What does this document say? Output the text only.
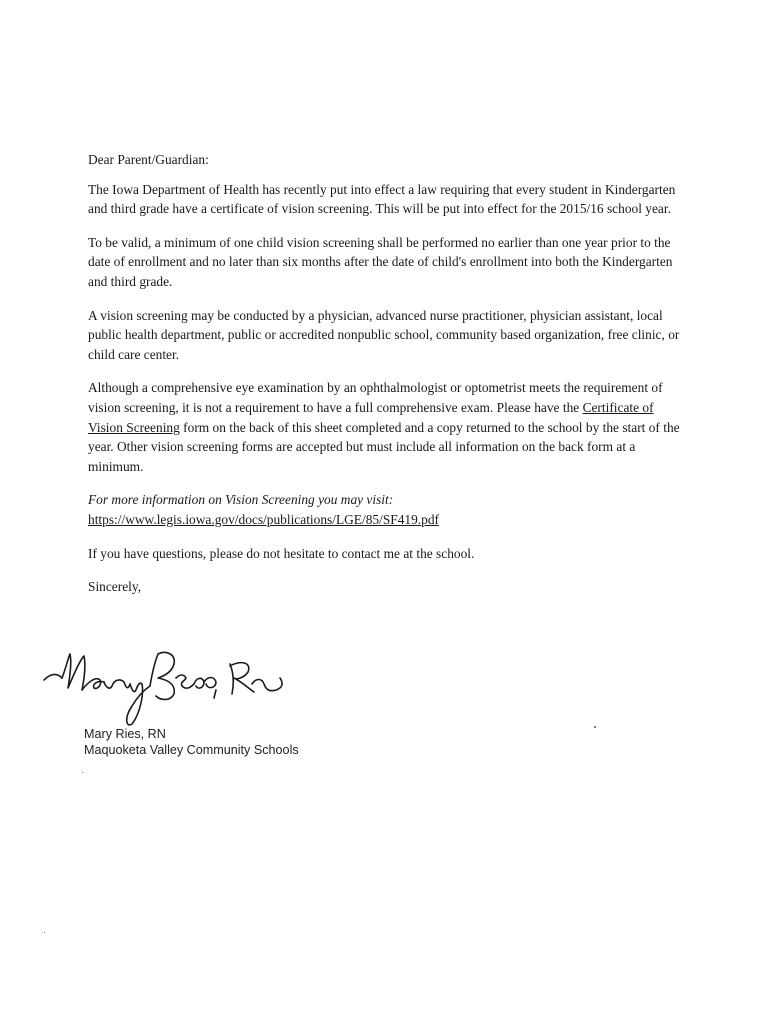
Dear Parent/Guardian:

The Iowa Department of Health has recently put into effect a law requiring that every student in Kindergarten and third grade have a certificate of vision screening. This will be put into effect for the 2015/16 school year.

To be valid, a minimum of one child vision screening shall be performed no earlier than one year prior to the date of enrollment and no later than six months after the date of child's enrollment into both the Kindergarten and third grade.

A vision screening may be conducted by a physician, advanced nurse practitioner, physician assistant, local public health department, public or accredited nonpublic school, community based organization, free clinic, or child care center.

Although a comprehensive eye examination by an ophthalmologist or optometrist meets the requirement of vision screening, it is not a requirement to have a full comprehensive exam. Please have the Certificate of Vision Screening form on the back of this sheet completed and a copy returned to the school by the start of the year. Other vision screening forms are accepted but must include all information on the back form at a minimum.

For more information on Vision Screening you may visit:

https://www.legis.iowa.gov/docs/publications/LGE/85/SF419.pdf

If you have questions, please do not hesitate to contact me at the school.

Sincerely,

Mary Ries, RN
Maquoketa Valley Community Schools
